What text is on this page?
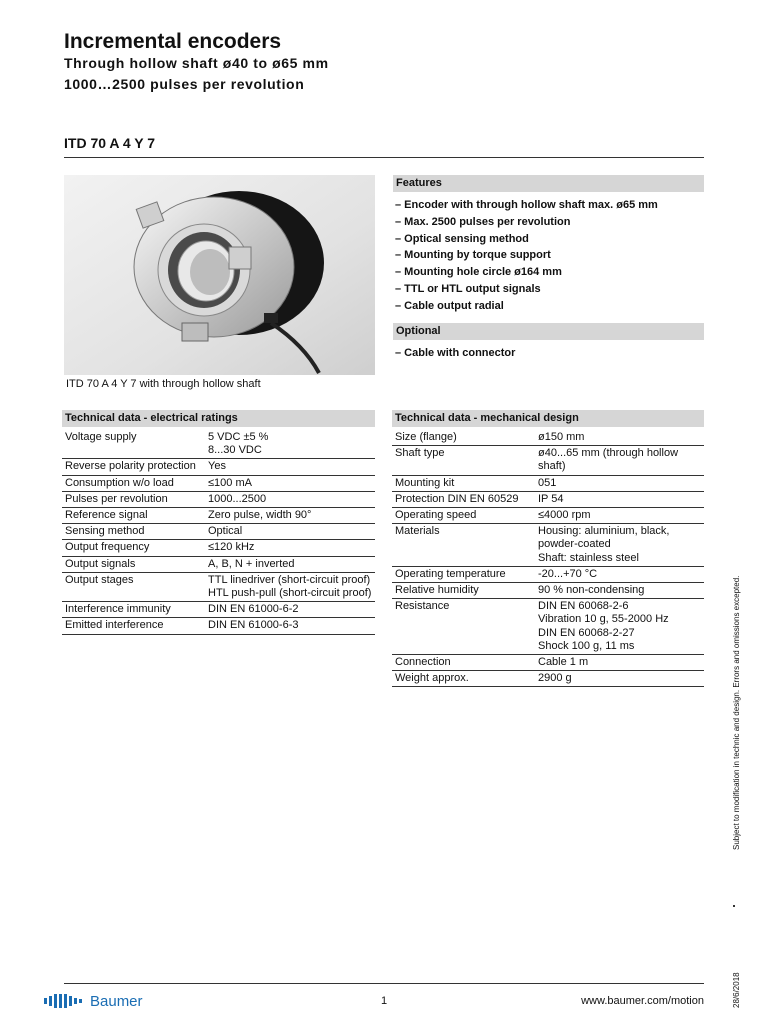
Incremental encoders
Through hollow shaft ø40 to ø65 mm
1000…2500 pulses per revolution
ITD 70 A 4 Y 7
ITD 70 A 4 Y 7 with through hollow shaft
Features
– Encoder with through hollow shaft max. ø65 mm
– Max. 2500 pulses per revolution
– Optical sensing method
– Mounting by torque support
– Mounting hole circle ø164 mm
– TTL or HTL output signals
– Cable output radial
Optional
– Cable with connector
Technical data - electrical ratings
Voltage supply	5 VDC ±5 %
8...30 VDC
Reverse polarity protection	Yes
Consumption w/o load	≤100 mA
Pulses per revolution	1000...2500
Reference signal	Zero pulse, width 90°
Sensing method	Optical
Output frequency	≤120 kHz
Output signals	A, B, N + inverted
Output stages	TTL linedriver (short-circuit proof)
HTL push-pull (short-circuit proof)
Interference immunity	DIN EN 61000-6-2
Emitted interference	DIN EN 61000-6-3
Technical data - mechanical design
Size (flange)	ø150 mm
Shaft type	ø40...65 mm (through hollow shaft)
Mounting kit	051
Protection DIN EN 60529	IP 54
Operating speed	≤4000 rpm
Materials	Housing: aluminium, black, powder-coated
Shaft: stainless steel
Operating temperature	-20...+70 °C
Relative humidity	90 % non-condensing
Resistance	DIN EN 60068-2-6
Vibration 10 g, 55-2000 Hz
DIN EN 60068-2-27
Shock 100 g, 11 ms
Connection	Cable 1 m
Weight approx.	2900 g	Subject to modification in technic and design. Errors and omissions excepted.
28/6/2018
Baumer	1	www.baumer.com/motion
